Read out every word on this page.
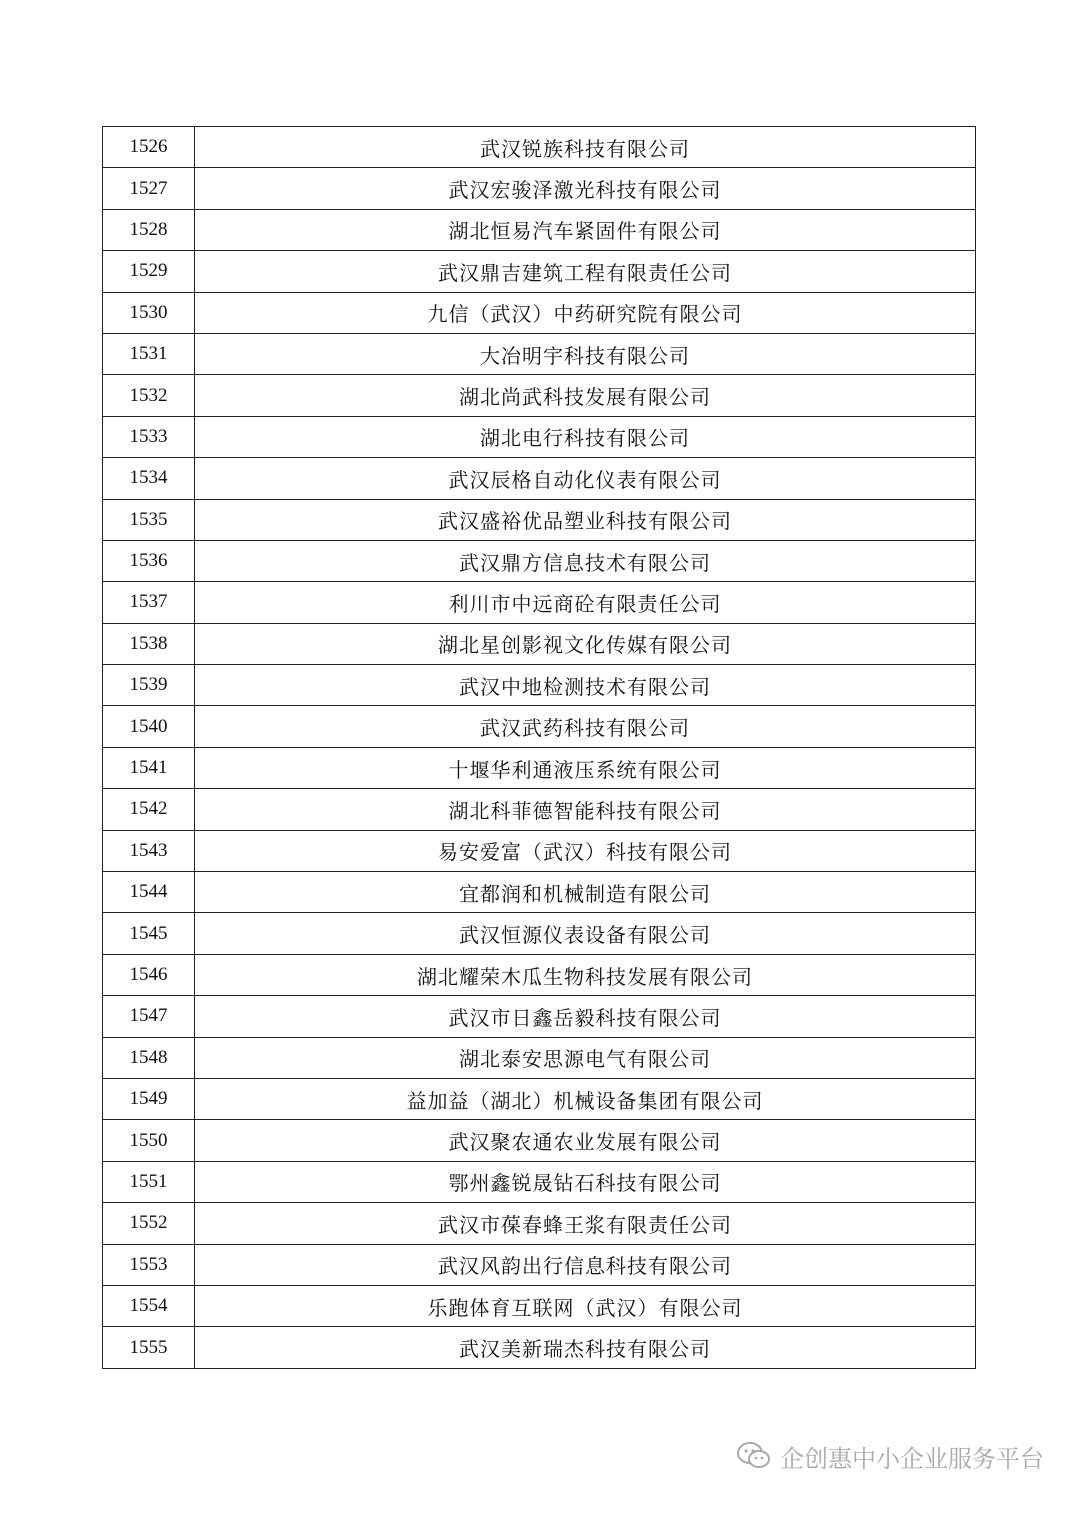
1526	武汉锐族科技有限公司
1527	武汉宏骏泽激光科技有限公司
1528	湖北恒易汽车紧固件有限公司
1529	武汉鼎吉建筑工程有限责任公司
1530	九信（武汉）中药研究院有限公司
1531	大冶明宇科技有限公司
1532	湖北尚武科技发展有限公司
1533	湖北电行科技有限公司
1534	武汉辰格自动化仪表有限公司
1535	武汉盛裕优品塑业科技有限公司
1536	武汉鼎方信息技术有限公司
1537	利川市中远商砼有限责任公司
1538	湖北星创影视文化传媒有限公司
1539	武汉中地检测技术有限公司
1540	武汉武药科技有限公司
1541	十堰华利通液压系统有限公司
1542	湖北科菲德智能科技有限公司
1543	易安爱富（武汉）科技有限公司
1544	宜都润和机械制造有限公司
1545	武汉恒源仪表设备有限公司
1546	湖北耀荣木瓜生物科技发展有限公司
1547	武汉市日鑫岳毅科技有限公司
1548	湖北泰安思源电气有限公司
1549	益加益（湖北）机械设备集团有限公司
1550	武汉聚农通农业发展有限公司
1551	鄂州鑫锐晟钻石科技有限公司
1552	武汉市葆春蜂王浆有限责任公司
1553	武汉风韵出行信息科技有限公司
1554	乐跑体育互联网（武汉）有限公司
1555	武汉美新瑞杰科技有限公司
企创惠中小企业服务平台
